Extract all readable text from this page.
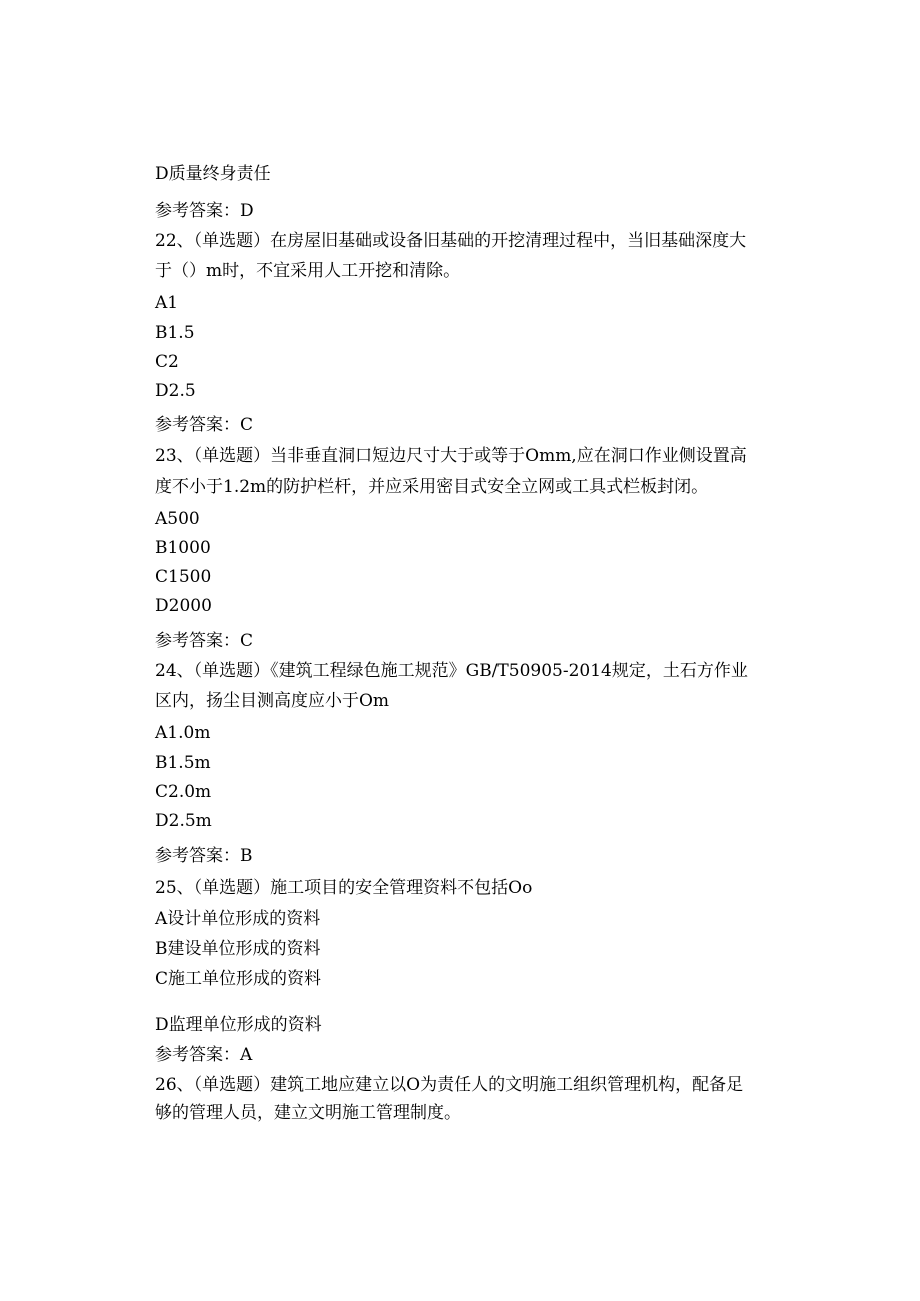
D质量终身责任
参考答案：D
22、（单选题）在房屋旧基础或设备旧基础的开挖清理过程中，当旧基础深度大
于（）m时，不宜采用人工开挖和清除。
A1
B1.5
C2
D2.5
参考答案：C
23、（单选题）当非垂直洞口短边尺寸大于或等于Omm,应在洞口作业侧设置高
度不小于1.2m的防护栏杆，并应采用密目式安全立网或工具式栏板封闭。
A500
B1000
C1500
D2000
参考答案：C
24、（单选题）《建筑工程绿色施工规范》GB/T50905-2014规定，土石方作业
区内，扬尘目测高度应小于Om
A1.0m
B1.5m
C2.0m
D2.5m
参考答案：B
25、（单选题）施工项目的安全管理资料不包括Oo
A设计单位形成的资料
B建设单位形成的资料
C施工单位形成的资料
D监理单位形成的资料
参考答案：A
26、（单选题）建筑工地应建立以O为责任人的文明施工组织管理机构，配备足
够的管理人员，建立文明施工管理制度。
